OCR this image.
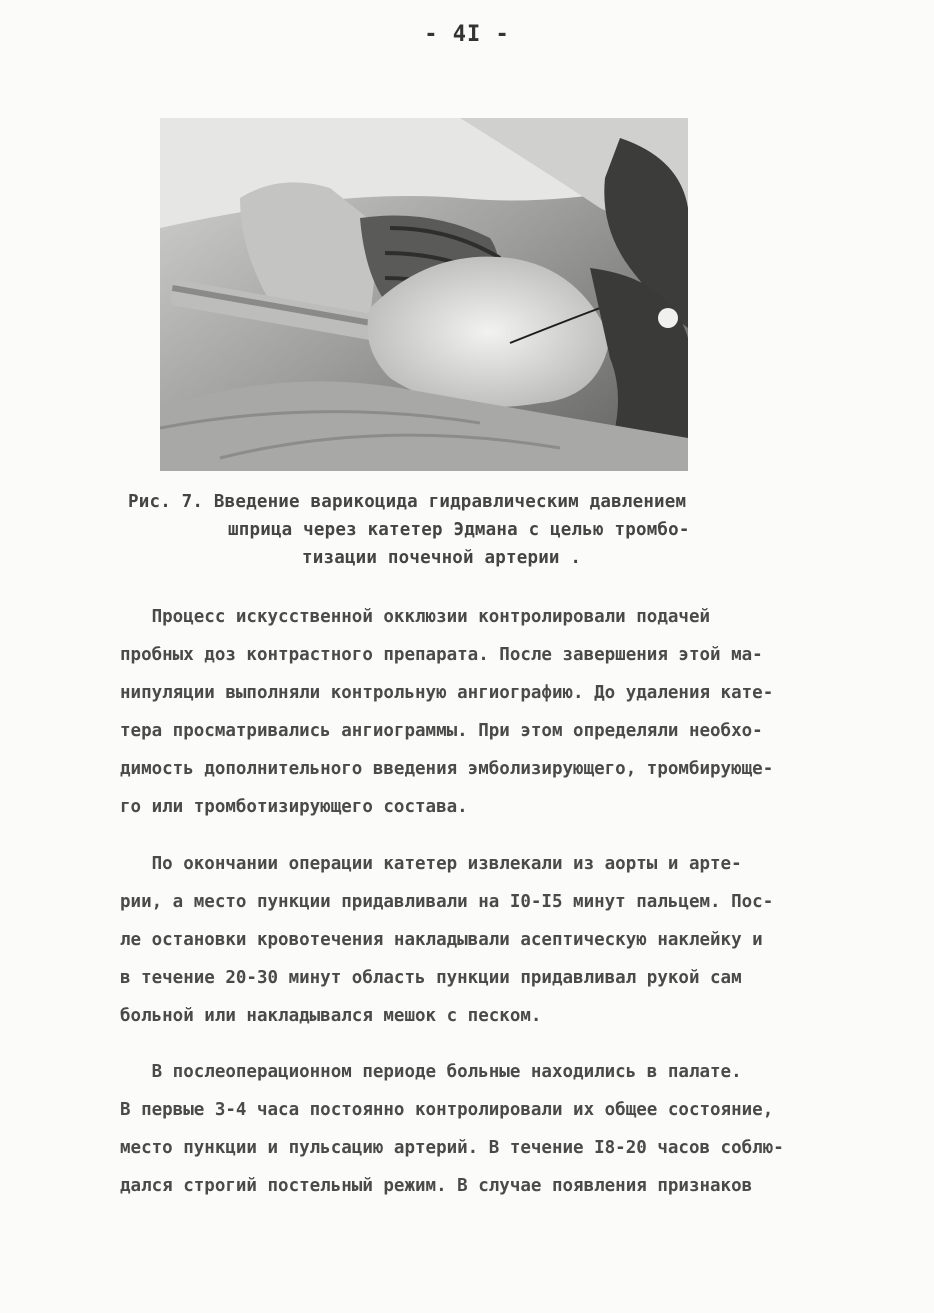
- 4I -
Рис. 7. Введение варикоцида гидравлическим давлением
шприца через катетер Эдмана с целью тромбо-
тизации почечной артерии .
Процесс искусственной окклюзии контролировали подачей
пробных доз контрастного препарата. После завершения этой ма-
нипуляции выполняли контрольную ангиографию. До удаления кате-
тера просматривались ангиограммы. При этом определяли необхо-
димость дополнительного введения эмболизирующего, тромбирующе-
го или тромботизирующего состава.
По окончании операции катетер извлекали из аорты и арте-
рии, а место пункции придавливали на I0-I5 минут пальцем. Пос-
ле остановки кровотечения накладывали асептическую наклейку и
в течение 20-30 минут область пункции придавливал рукой сам
больной или накладывался мешок с песком.
В послеоперационном периоде больные находились в палате.
В первые 3-4 часа постоянно контролировали их общее состояние,
место пункции и пульсацию артерий. В течение I8-20 часов соблю-
дался строгий постельный режим. В случае появления признаков
